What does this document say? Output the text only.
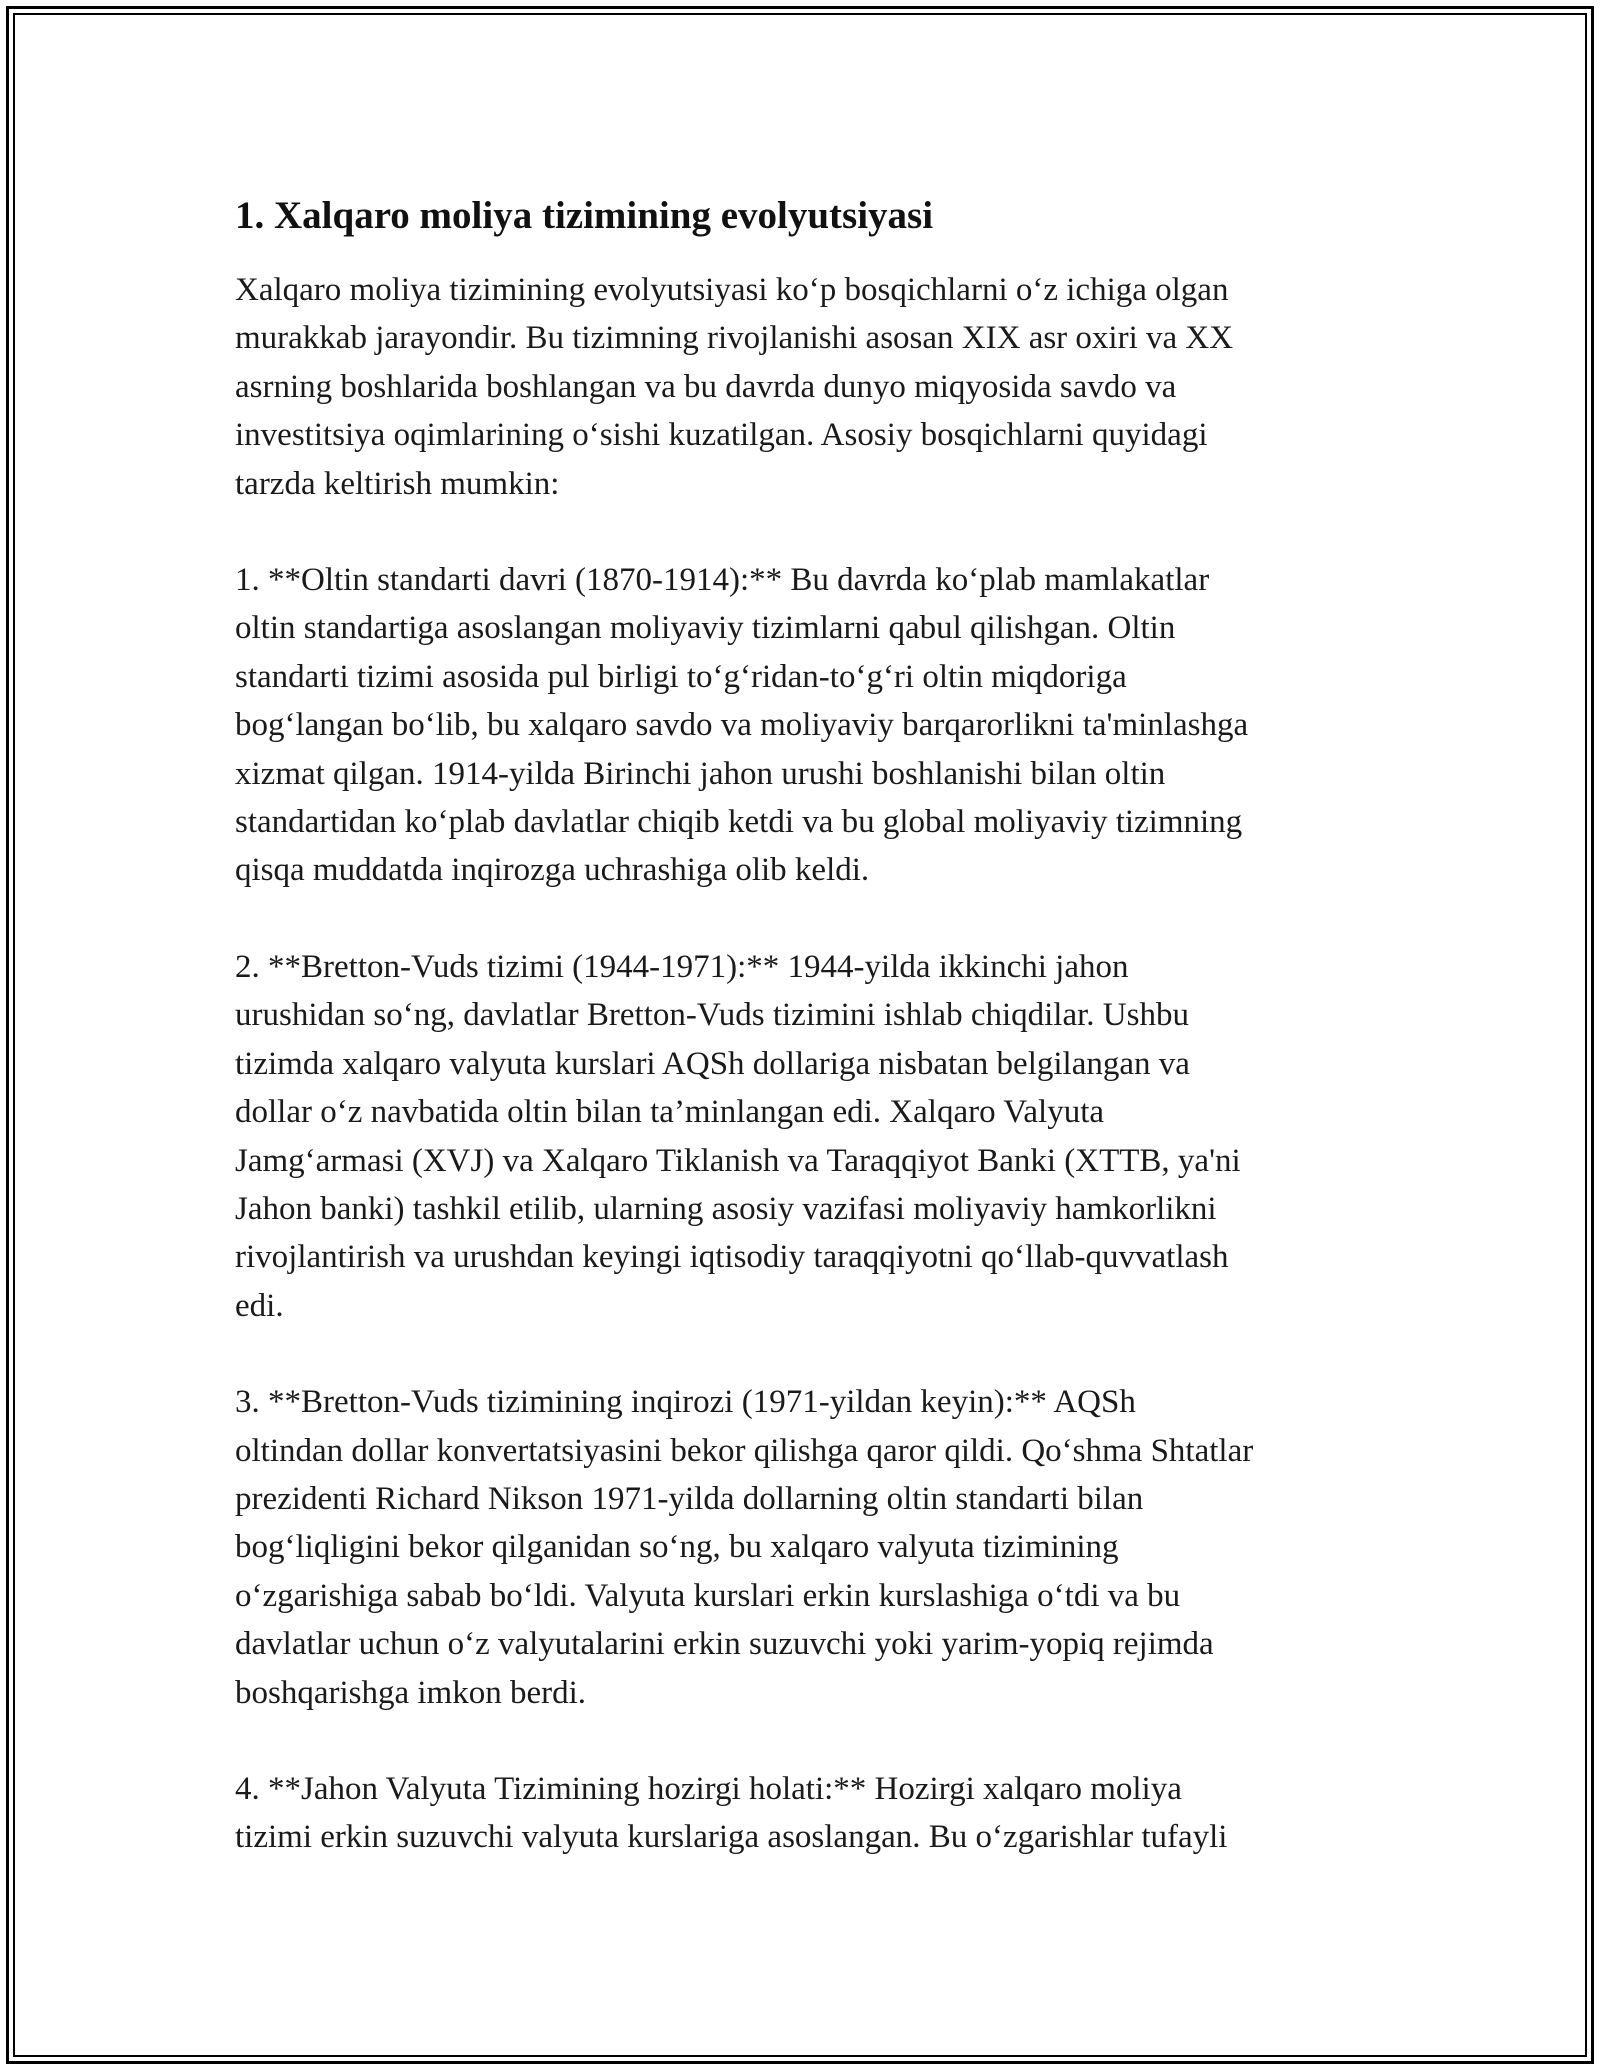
1. Xalqaro moliya tizimining evolyutsiyasi

Xalqaro moliya tizimining evolyutsiyasi ko‘p bosqichlarni o‘z ichiga olgan
murakkab jarayondir. Bu tizimning rivojlanishi asosan XIX asr oxiri va XX
asrning boshlarida boshlangan va bu davrda dunyo miqyosida savdo va
investitsiya oqimlarining o‘sishi kuzatilgan. Asosiy bosqichlarni quyidagi
tarzda keltirish mumkin:

1. **Oltin standarti davri (1870-1914):** Bu davrda ko‘plab mamlakatlar
oltin standartiga asoslangan moliyaviy tizimlarni qabul qilishgan. Oltin
standarti tizimi asosida pul birligi to‘g‘ridan-to‘g‘ri oltin miqdoriga
bog‘langan bo‘lib, bu xalqaro savdo va moliyaviy barqarorlikni ta'minlashga
xizmat qilgan. 1914-yilda Birinchi jahon urushi boshlanishi bilan oltin
standartidan ko‘plab davlatlar chiqib ketdi va bu global moliyaviy tizimning
qisqa muddatda inqirozga uchrashiga olib keldi.

2. **Bretton-Vuds tizimi (1944-1971):** 1944-yilda ikkinchi jahon
urushidan so‘ng, davlatlar Bretton-Vuds tizimini ishlab chiqdilar. Ushbu
tizimda xalqaro valyuta kurslari AQSh dollariga nisbatan belgilangan va
dollar o‘z navbatida oltin bilan ta’minlangan edi. Xalqaro Valyuta
Jamg‘armasi (XVJ) va Xalqaro Tiklanish va Taraqqiyot Banki (XTTB, ya'ni
Jahon banki) tashkil etilib, ularning asosiy vazifasi moliyaviy hamkorlikni
rivojlantirish va urushdan keyingi iqtisodiy taraqqiyotni qo‘llab-quvvatlash
edi.

3. **Bretton-Vuds tizimining inqirozi (1971-yildan keyin):** AQSh
oltindan dollar konvertatsiyasini bekor qilishga qaror qildi. Qo‘shma Shtatlar
prezidenti Richard Nikson 1971-yilda dollarning oltin standarti bilan
bog‘liqligini bekor qilganidan so‘ng, bu xalqaro valyuta tizimining
o‘zgarishiga sabab bo‘ldi. Valyuta kurslari erkin kurslashiga o‘tdi va bu
davlatlar uchun o‘z valyutalarini erkin suzuvchi yoki yarim-yopiq rejimda
boshqarishga imkon berdi.

4. **Jahon Valyuta Tizimining hozirgi holati:** Hozirgi xalqaro moliya
tizimi erkin suzuvchi valyuta kurslariga asoslangan. Bu o‘zgarishlar tufayli
